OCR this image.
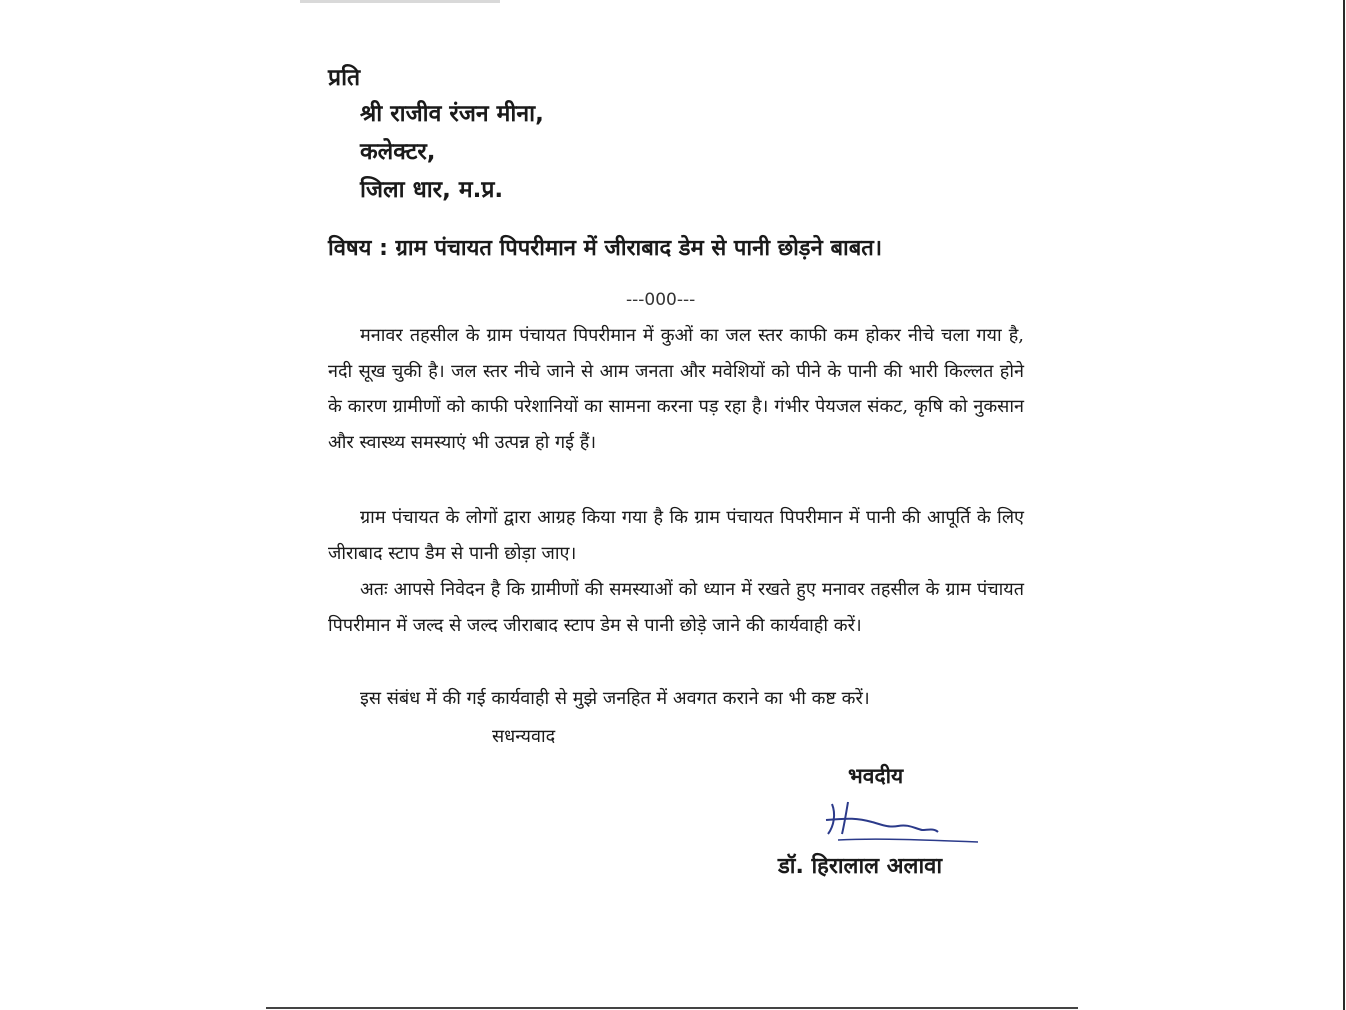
प्रति
श्री राजीव रंजन मीना,
कलेक्टर,
जिला धार, म.प्र.
विषय : ग्राम पंचायत पिपरीमान में जीराबाद डेम से पानी छोड़ने बाबत।
---000---

मनावर तहसील के ग्राम पंचायत पिपरीमान में कुओं का जल स्तर काफी कम होकर नीचे चला गया है, नदी सूख चुकी है। जल स्तर नीचे जाने से आम जनता और मवेशियों को पीने के पानी की भारी किल्लत होने के कारण ग्रामीणों को काफी परेशानियों का सामना करना पड़ रहा है। गंभीर पेयजल संकट, कृषि को नुकसान और स्वास्थ्य समस्याएं भी उत्पन्न हो गई हैं।

ग्राम पंचायत के लोगों द्वारा आग्रह किया गया है कि ग्राम पंचायत पिपरीमान में पानी की आपूर्ति के लिए जीराबाद स्टाप डैम से पानी छोड़ा जाए।

अतः आपसे निवेदन है कि ग्रामीणों की समस्याओं को ध्यान में रखते हुए मनावर तहसील के ग्राम पंचायत पिपरीमान में जल्द से जल्द जीराबाद स्टाप डेम से पानी छोड़े जाने की कार्यवाही करें।

इस संबंध में की गई कार्यवाही से मुझे जनहित में अवगत कराने का भी कष्ट करें।

सधन्यवाद
भवदीय
डॉ. हिरालाल अलावा
